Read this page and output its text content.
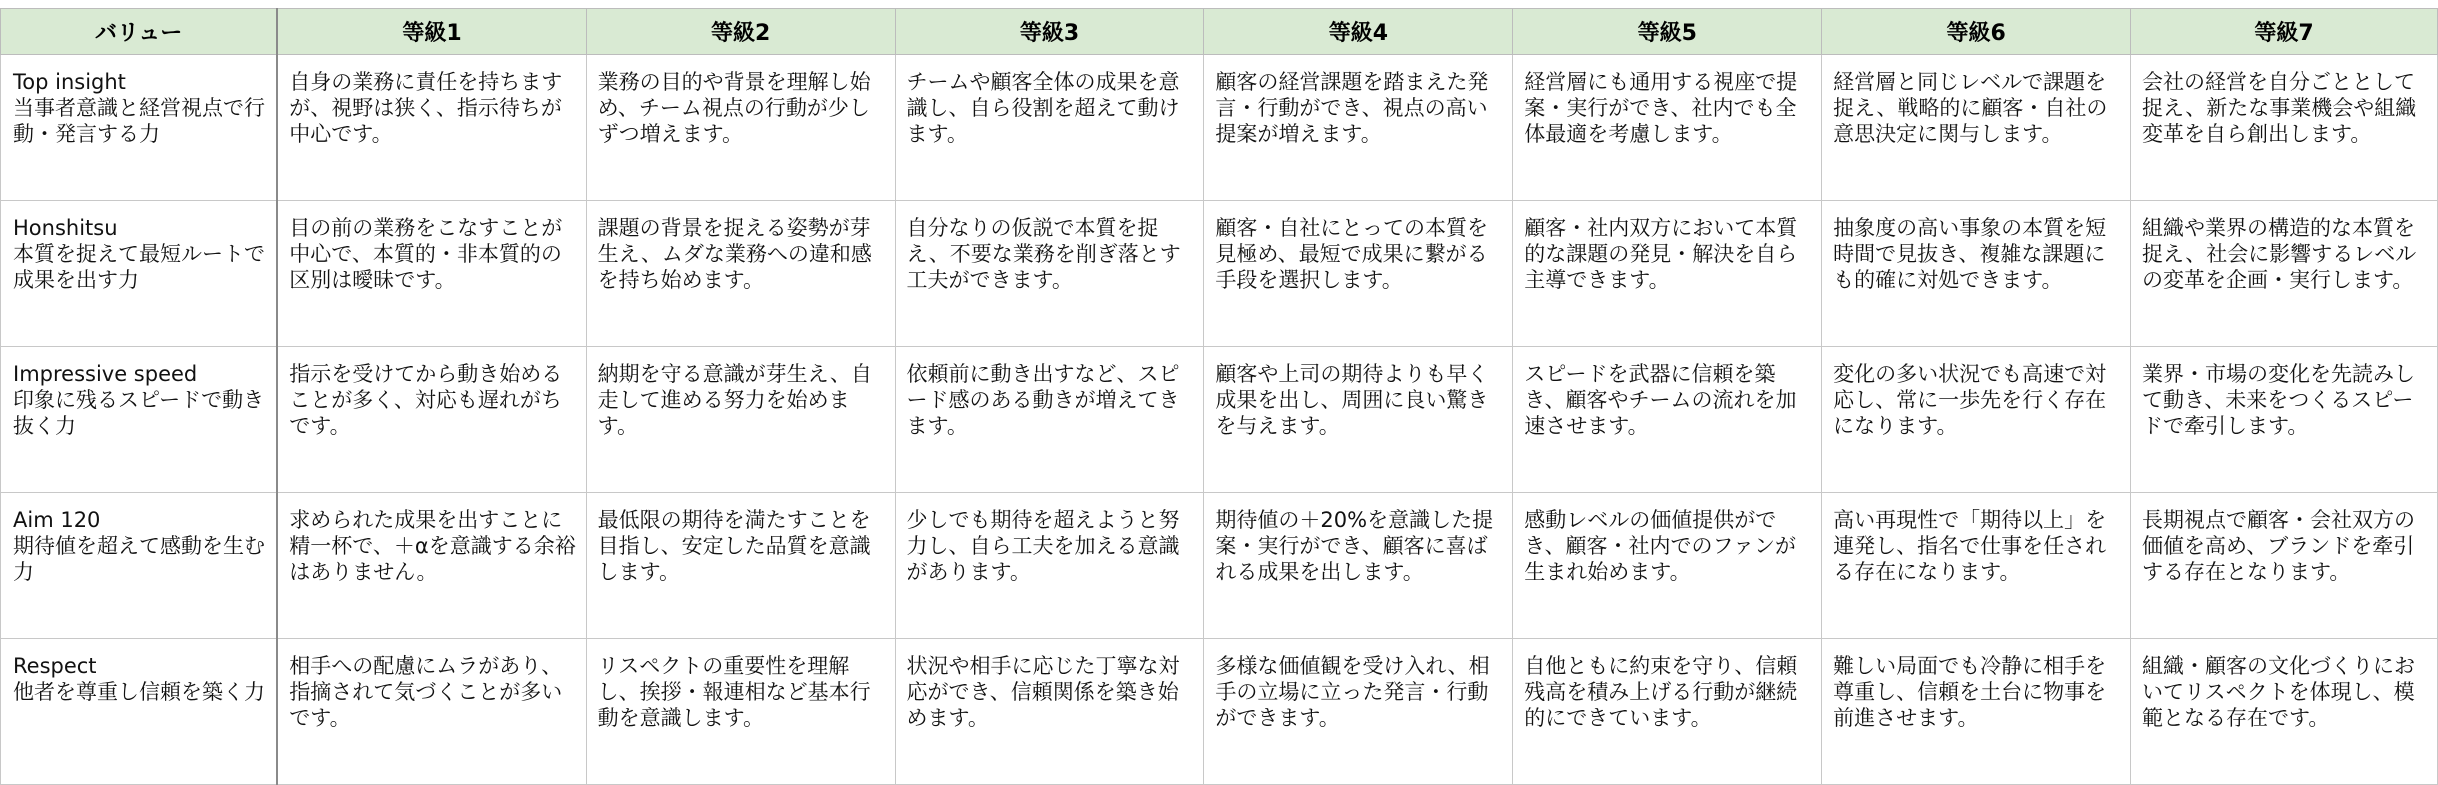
バリュー	等級1	等級2	等級3	等級4	等級5	等級6	等級7

Top insight
当事者意識と経営視点で行動・発言する力	自身の業務に責任を持ちますが、視野は狭く、指示待ちが中心です。	業務の目的や背景を理解し始め、チーム視点の行動が少しずつ増えます。	チームや顧客全体の成果を意識し、自ら役割を超えて動けます。	顧客の経営課題を踏まえた発言・行動ができ、視点の高い提案が増えます。	経営層にも通用する視座で提案・実行ができ、社内でも全体最適を考慮します。	経営層と同じレベルで課題を捉え、戦略的に顧客・自社の意思決定に関与します。	会社の経営を自分ごととして捉え、新たな事業機会や組織変革を自ら創出します。

Honshitsu
本質を捉えて最短ルートで成果を出す力	目の前の業務をこなすことが中心で、本質的・非本質的の区別は曖昧です。	課題の背景を捉える姿勢が芽生え、ムダな業務への違和感を持ち始めます。	自分なりの仮説で本質を捉え、不要な業務を削ぎ落とす工夫ができます。	顧客・自社にとっての本質を見極め、最短で成果に繋がる手段を選択します。	顧客・社内双方において本質的な課題の発見・解決を自ら主導できます。	抽象度の高い事象の本質を短時間で見抜き、複雑な課題にも的確に対処できます。	組織や業界の構造的な本質を捉え、社会に影響するレベルの変革を企画・実行します。

Impressive speed
印象に残るスピードで動き抜く力	指示を受けてから動き始めることが多く、対応も遅れがちです。	納期を守る意識が芽生え、自走して進める努力を始めます。	依頼前に動き出すなど、スピード感のある動きが増えてきます。	顧客や上司の期待よりも早く成果を出し、周囲に良い驚きを与えます。	スピードを武器に信頼を築き、顧客やチームの流れを加速させます。	変化の多い状況でも高速で対応し、常に一歩先を行く存在になります。	業界・市場の変化を先読みして動き、未来をつくるスピードで牽引します。

Aim 120
期待値を超えて感動を生む力	求められた成果を出すことに精一杯で、＋αを意識する余裕はありません。	最低限の期待を満たすことを目指し、安定した品質を意識します。	少しでも期待を超えようと努力し、自ら工夫を加える意識があります。	期待値の＋20%を意識した提案・実行ができ、顧客に喜ばれる成果を出します。	感動レベルの価値提供ができ、顧客・社内でのファンが生まれ始めます。	高い再現性で「期待以上」を連発し、指名で仕事を任される存在になります。	長期視点で顧客・会社双方の価値を高め、ブランドを牽引する存在となります。

Respect
他者を尊重し信頼を築く力	相手への配慮にムラがあり、指摘されて気づくことが多いです。	リスペクトの重要性を理解し、挨拶・報連相など基本行動を意識します。	状況や相手に応じた丁寧な対応ができ、信頼関係を築き始めます。	多様な価値観を受け入れ、相手の立場に立った発言・行動ができます。	自他ともに約束を守り、信頼残高を積み上げる行動が継続的にできています。	難しい局面でも冷静に相手を尊重し、信頼を土台に物事を前進させます。	組織・顧客の文化づくりにおいてリスペクトを体現し、模範となる存在です。
